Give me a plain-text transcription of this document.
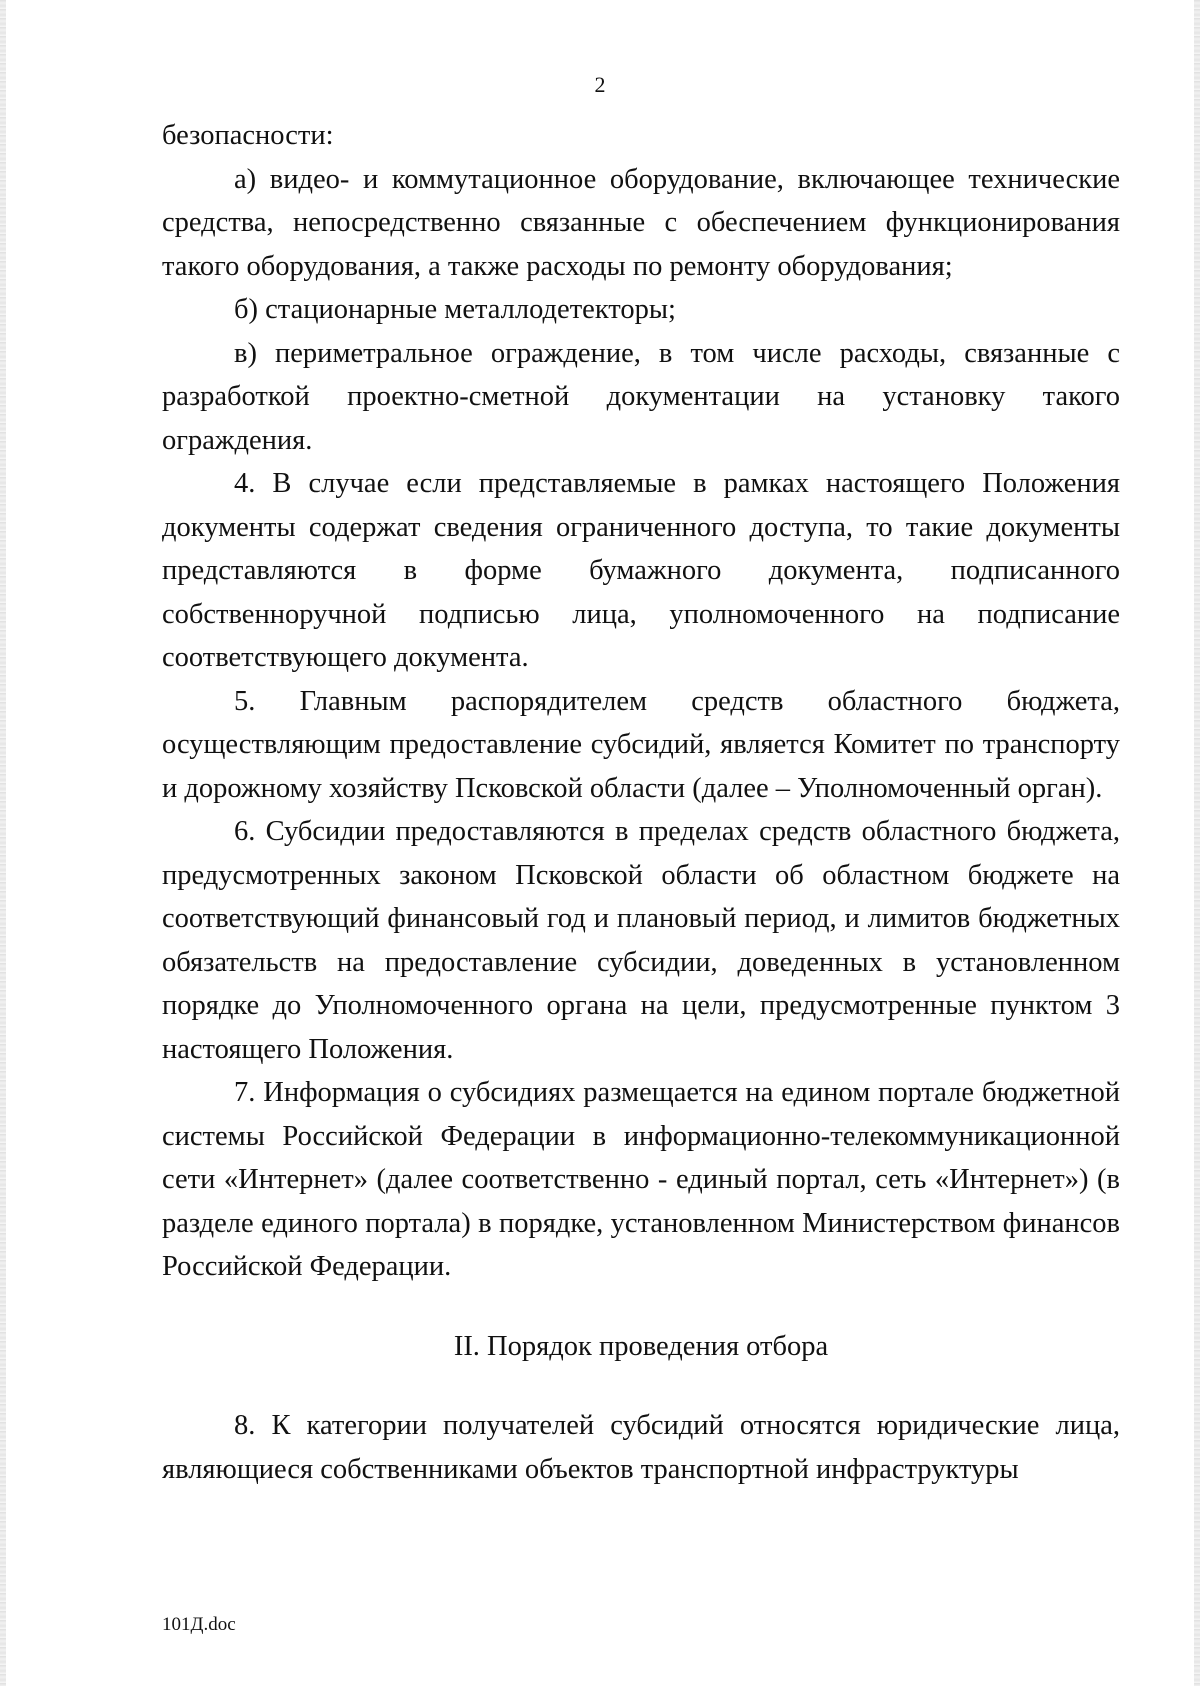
2

безопасности:

а) видео- и коммутационное оборудование, включающее технические средства, непосредственно связанные с обеспечением функционирования такого оборудования, а также расходы по ремонту оборудования;

б) стационарные металлодетекторы;

в) периметральное ограждение, в том числе расходы, связанные с разработкой проектно-сметной документации на установку такого ограждения.

4. В случае если представляемые в рамках настоящего Положения документы содержат сведения ограниченного доступа, то такие документы представляются в форме бумажного документа, подписанного собственноручной подписью лица, уполномоченного на подписание соответствующего документа.

5. Главным распорядителем средств областного бюджета, осуществляющим предоставление субсидий, является Комитет по транспорту и дорожному хозяйству Псковской области (далее – Уполномоченный орган).

6. Субсидии предоставляются в пределах средств областного бюджета, предусмотренных законом Псковской области об областном бюджете на соответствующий финансовый год и плановый период, и лимитов бюджетных обязательств на предоставление субсидии, доведенных в установленном порядке до Уполномоченного органа на цели, предусмотренные пунктом 3 настоящего Положения.

7. Информация о субсидиях размещается на едином портале бюджетной системы Российской Федерации в информационно-телекоммуникационной сети «Интернет» (далее соответственно - единый портал, сеть «Интернет») (в разделе единого портала) в порядке, установленном Министерством финансов Российской Федерации.

II. Порядок проведения отбора

8. К категории получателей субсидий относятся юридические лица, являющиеся собственниками объектов транспортной инфраструктуры

101Д.doc
